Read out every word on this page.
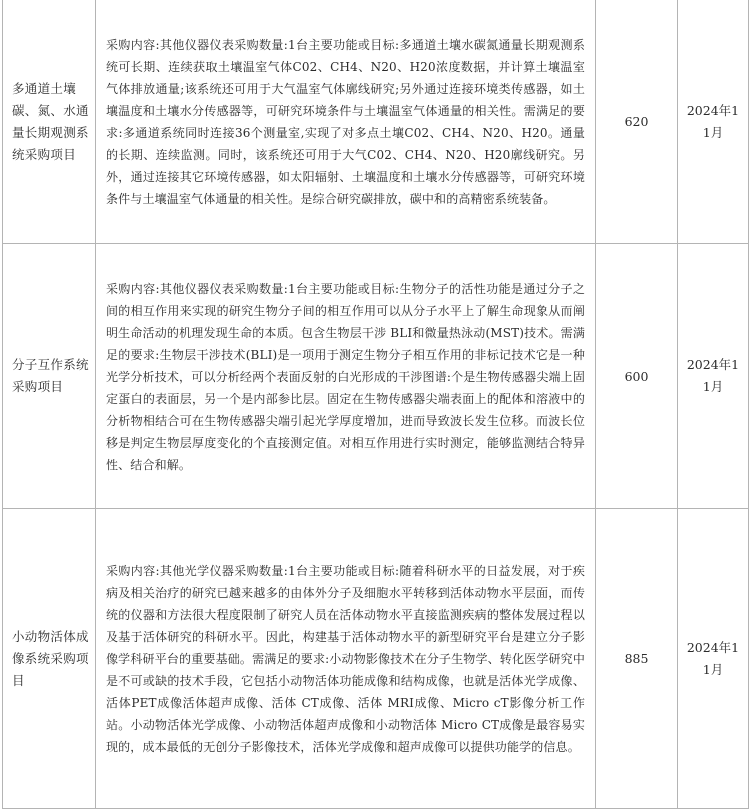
多通道土壤碳、氮、水通量长期观测系统采购项目	采购内容:其他仪器仪表采购数量:1台主要功能或目标:多通道土壤水碳氮通量长期观测系统可长期、连续获取土壤温室气体C02、CH4、N20、H20浓度数据，并计算土壤温室气体排放通量;该系统还可用于大气温室气体廓线研究;另外通过连接环境类传感器，如土壤温度和土壤水分传感器等，可研究环境条件与土壤温室气体通量的相关性。需满足的要求:多通道系统同时连接36个测量室,实现了对多点土壤C02、CH4、N20、H20。通量的长期、连续监测。同时，该系统还可用于大气C02、CH4、N20、H20廓线研究。另外，通过连接其它环境传感器，如太阳辐射、土壤温度和土壤水分传感器等，可研究环境条件与土壤温室气体通量的相关性。是综合研究碳排放，碳中和的高精密系统装备。	620	2024年11月

分子互作系统采购项目	采购内容:其他仪器仪表采购数量:1台主要功能或目标:生物分子的活性功能是通过分子之间的相互作用来实现的研究生物分子间的相互作用可以从分子水平上了解生命现象从而阐明生命活动的机理发现生命的本质。包含生物层干涉 BLI和微量热泳动(MST)技术。需满足的要求:生物层干涉技术(BLI)是一项用于测定生物分子相互作用的非标记技术它是一种光学分析技术，可以分析经两个表面反射的白光形成的干涉图谱:个是生物传感器尖端上固定蛋白的表面层，另一个是内部参比层。固定在生物传感器尖端表面上的配体和溶液中的分析物相结合可在生物传感器尖端引起光学厚度增加，进而导致波长发生位移。而波长位移是判定生物层厚度变化的个直接测定值。对相互作用进行实时测定，能够监测结合特异性、结合和解。	600	2024年11月

小动物活体成像系统采购项目	采购内容:其他光学仪器采购数量:1台主要功能或目标:随着科研水平的日益发展，对于疾病及相关治疗的研究已越来越多的由体外分子及细胞水平转移到活体动物水平层面，而传统的仪器和方法很大程度限制了研究人员在活体动物水平直接监测疾病的整体发展过程以及基于活体研究的科研水平。因此，构建基于活体动物水平的新型研究平台是建立分子影像学科研平台的重要基础。需满足的要求:小动物影像技术在分子生物学、转化医学研究中是不可或缺的技术手段，它包括小动物活体功能成像和结构成像，也就是活体光学成像、活体PET成像活体超声成像、活体 CT成像、活体 MRI成像、Micro cT影像分析工作站。小动物活体光学成像、小动物活体超声成像和小动物活体 Micro CT成像是最容易实现的，成本最低的无创分子影像技术，活体光学成像和超声成像可以提供功能学的信息。	885	2024年11月
